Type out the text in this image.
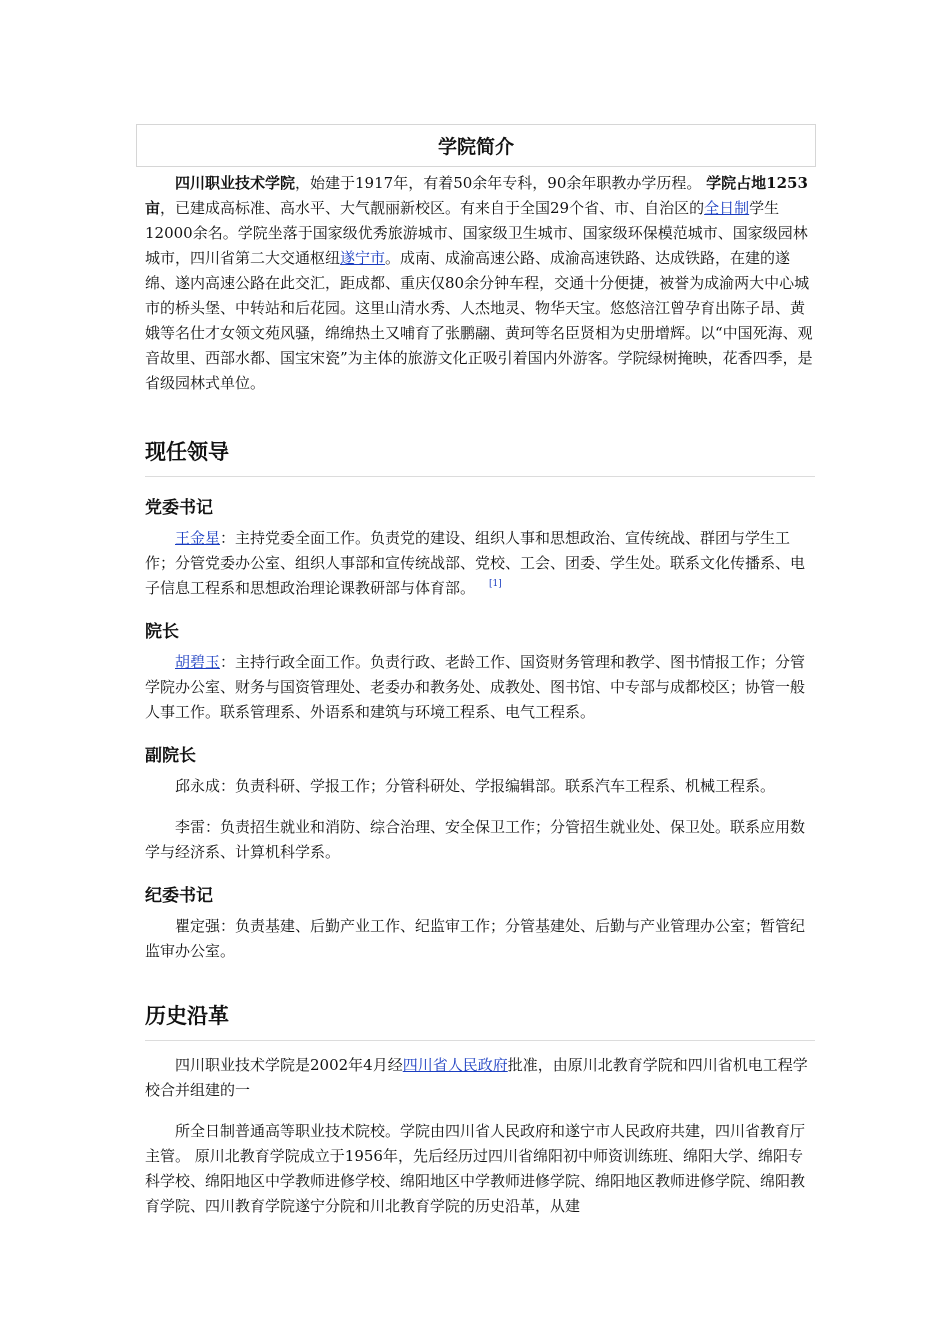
学院简介

四川职业技术学院，始建于1917年，有着50余年专科，90余年职教办学历程。 学院占地1253亩，已建成高标准、高水平、大气靓丽新校区。有来自于全国29个省、市、自治区的全日制学生12000余名。学院坐落于国家级优秀旅游城市、国家级卫生城市、国家级环保模范城市、国家级园林城市，四川省第二大交通枢纽遂宁市。成南、成渝高速公路、成渝高速铁路、达成铁路，在建的遂绵、遂内高速公路在此交汇，距成都、重庆仅80余分钟车程，交通十分便捷，被誉为成渝两大中心城市的桥头堡、中转站和后花园。这里山清水秀、人杰地灵、物华天宝。悠悠涪江曾孕育出陈子昂、黄娥等名仕才女领文苑风骚，绵绵热土又哺育了张鹏翮、黄珂等名臣贤相为史册增辉。以“中国死海、观音故里、西部水都、国宝宋瓷”为主体的旅游文化正吸引着国内外游客。学院绿树掩映，花香四季，是省级园林式单位。

现任领导
党委书记

王金星：主持党委全面工作。负责党的建设、组织人事和思想政治、宣传统战、群团与学生工作；分管党委办公室、组织人事部和宣传统战部、党校、工会、团委、学生处。联系文化传播系、电子信息工程系和思想政治理论课教研部与体育部。 [1]

院长

胡碧玉：主持行政全面工作。负责行政、老龄工作、国资财务管理和教学、图书情报工作；分管学院办公室、财务与国资管理处、老委办和教务处、成教处、图书馆、中专部与成都校区；协管一般人事工作。联系管理系、外语系和建筑与环境工程系、电气工程系。

副院长

邱永成：负责科研、学报工作；分管科研处、学报编辑部。联系汽车工程系、机械工程系。

李雷：负责招生就业和消防、综合治理、安全保卫工作；分管招生就业处、保卫处。联系应用数学与经济系、计算机科学系。

纪委书记

瞿定强：负责基建、后勤产业工作、纪监审工作；分管基建处、后勤与产业管理办公室；暂管纪监审办公室。

历史沿革

四川职业技术学院是2002年4月经四川省人民政府批准，由原川北教育学院和四川省机电工程学校合并组建的一

所全日制普通高等职业技术院校。学院由四川省人民政府和遂宁市人民政府共建，四川省教育厅主管。 原川北教育学院成立于1956年，先后经历过四川省绵阳初中师资训练班、绵阳大学、绵阳专科学校、绵阳地区中学教师进修学校、绵阳地区中学教师进修学院、绵阳地区教师进修学院、绵阳教育学院、四川教育学院遂宁分院和川北教育学院的历史沿革，从建
